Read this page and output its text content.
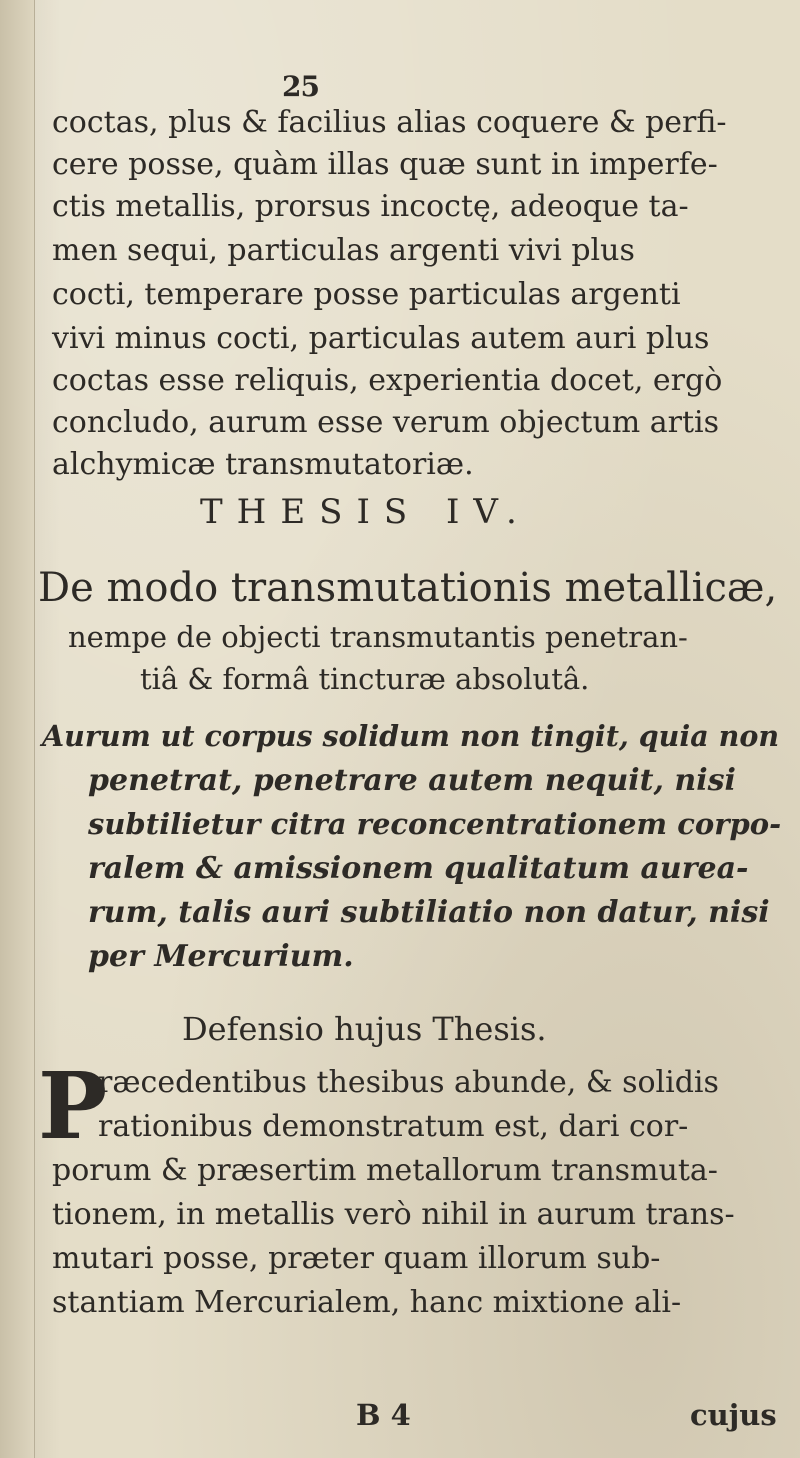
25
coctas, plus & facilius alias coquere & perfi-
cere posse, quàm illas quæ sunt in imperfe-
ctis metallis, prorsus incoctę, adeoque ta-
men sequi, particulas argenti vivi plus
cocti, temperare posse particulas argenti
vivi minus cocti, particulas autem auri plus
coctas esse reliquis, experientia docet, ergò
concludo, aurum esse verum objectum artis
alchymicæ transmutatoriæ.
THESIS IV.
De modo transmutationis metallicæ,
nempe de objecti transmutantis penetran-
tiâ & formâ tincturæ absolutâ.
Aurum ut corpus solidum non tingit, quia non
penetrat, penetrare autem nequit, nisi
subtilietur citra reconcentrationem corpo-
ralem & amissionem qualitatum aurea-
rum, talis auri subtiliatio non datur, nisi
per Mercurium.
Defensio hujus Thesis.
P
ræcedentibus thesibus abunde, & solidis
rationibus demonstratum est, dari cor-
porum & præsertim metallorum transmuta-
tionem, in metallis verò nihil in aurum trans-
mutari posse, præter quam illorum sub-
stantiam Mercurialem, hanc mixtione ali-
B 4	cujus
